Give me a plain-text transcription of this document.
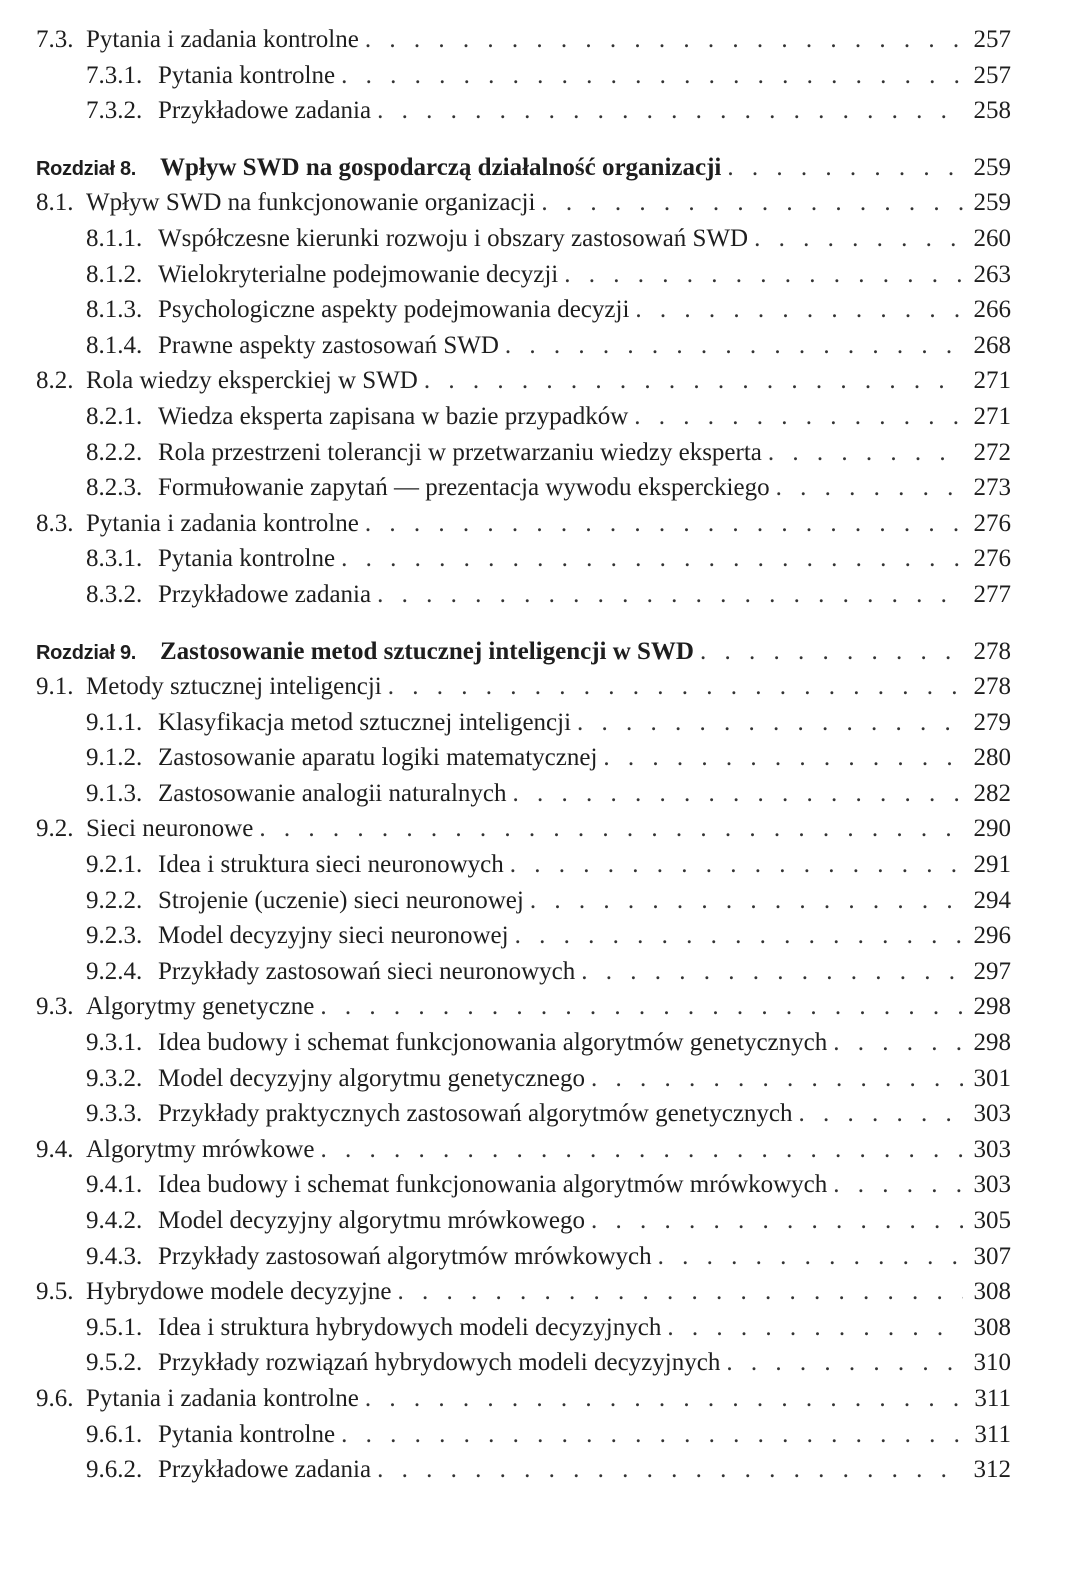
7.3. Pytania i zadania kontrolne . . .	257
7.3.1. Pytania kontrolne . . .	257
7.3.2. Przykładowe zadania . . .	258
Rozdział 8. Wpływ SWD na gospodarczą działalność organizacji . . .	259
8.1. Wpływ SWD na funkcjonowanie organizacji . . .	259
8.1.1. Współczesne kierunki rozwoju i obszary zastosowań SWD . . .	260
8.1.2. Wielokryterialne podejmowanie decyzji . . .	263
8.1.3. Psychologiczne aspekty podejmowania decyzji . . .	266
8.1.4. Prawne aspekty zastosowań SWD . . .	268
8.2. Rola wiedzy eksperckiej w SWD . . .	271
8.2.1. Wiedza eksperta zapisana w bazie przypadków . . .	271
8.2.2. Rola przestrzeni tolerancji w przetwarzaniu wiedzy eksperta . . .	272
8.2.3. Formułowanie zapytań — prezentacja wywodu eksperckiego . . .	273
8.3. Pytania i zadania kontrolne . . .	276
8.3.1. Pytania kontrolne . . .	276
8.3.2. Przykładowe zadania . . .	277
Rozdział 9. Zastosowanie metod sztucznej inteligencji w SWD . . .	278
9.1. Metody sztucznej inteligencji . . .	278
9.1.1. Klasyfikacja metod sztucznej inteligencji . . .	279
9.1.2. Zastosowanie aparatu logiki matematycznej . . .	280
9.1.3. Zastosowanie analogii naturalnych . . .	282
9.2. Sieci neuronowe . . .	290
9.2.1. Idea i struktura sieci neuronowych . . .	291
9.2.2. Strojenie (uczenie) sieci neuronowej . . .	294
9.2.3. Model decyzyjny sieci neuronowej . . .	296
9.2.4. Przykłady zastosowań sieci neuronowych . . .	297
9.3. Algorytmy genetyczne . . .	298
9.3.1. Idea budowy i schemat funkcjonowania algorytmów genetycznych . . .	298
9.3.2. Model decyzyjny algorytmu genetycznego . . .	301
9.3.3. Przykłady praktycznych zastosowań algorytmów genetycznych . . .	303
9.4. Algorytmy mrówkowe . . .	303
9.4.1. Idea budowy i schemat funkcjonowania algorytmów mrówkowych . . .	303
9.4.2. Model decyzyjny algorytmu mrówkowego . . .	305
9.4.3. Przykłady zastosowań algorytmów mrówkowych . . .	307
9.5. Hybrydowe modele decyzyjne . . .	308
9.5.1. Idea i struktura hybrydowych modeli decyzyjnych . . .	308
9.5.2. Przykłady rozwiązań hybrydowych modeli decyzyjnych . . .	310
9.6. Pytania i zadania kontrolne . . .	311
9.6.1. Pytania kontrolne . . .	311
9.6.2. Przykładowe zadania . . .	312
